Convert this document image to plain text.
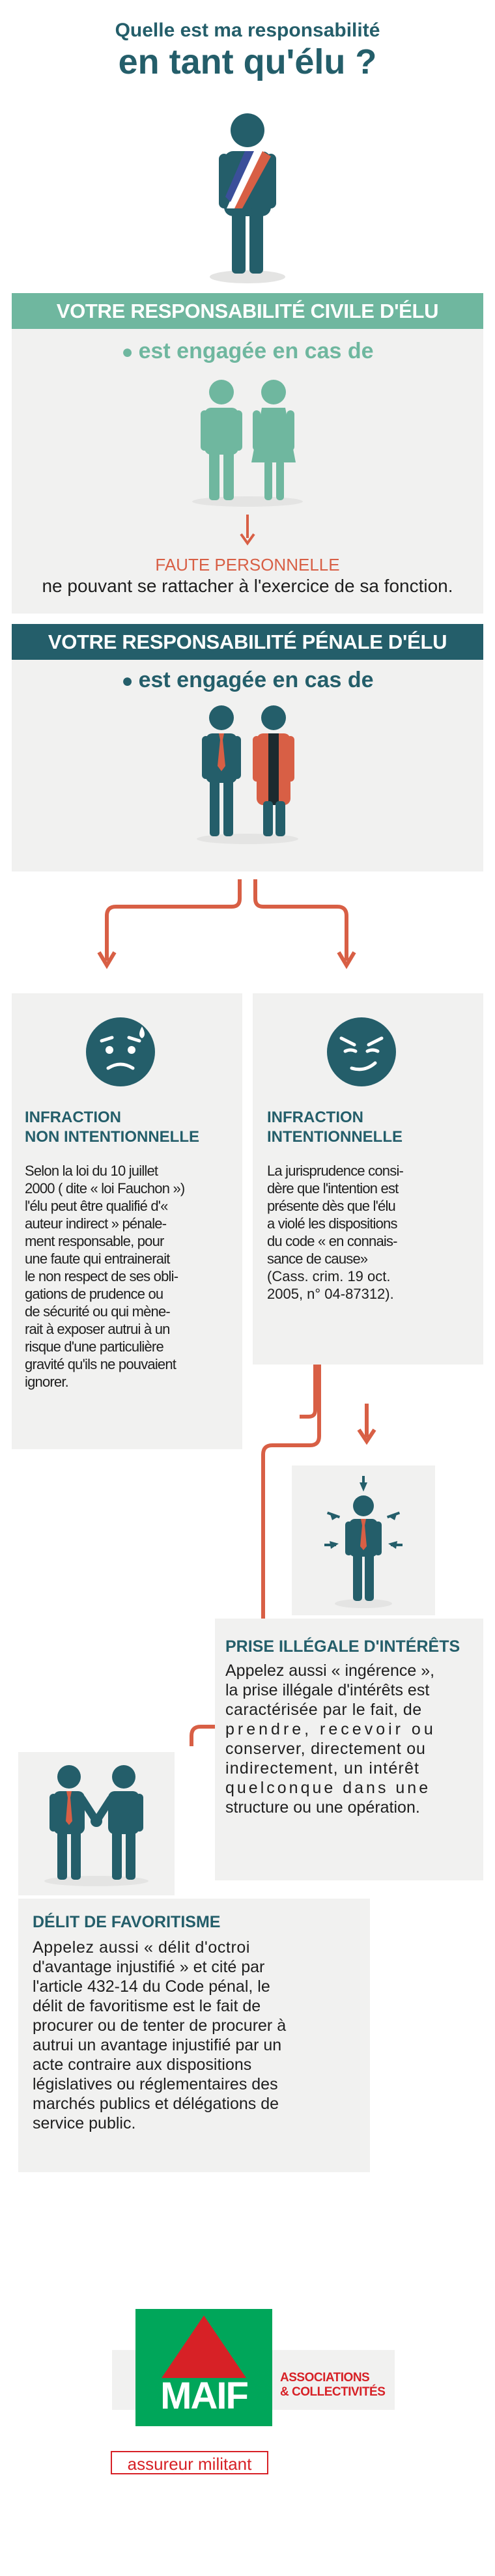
Quelle est ma responsabilité
en tant qu'élu ?
VOTRE RESPONSABILITÉ CIVILE D'ÉLU
● est engagée en cas de
FAUTE PERSONNELLE
ne pouvant se rattacher à l'exercice de sa fonction.
VOTRE RESPONSABILITÉ PÉNALE D'ÉLU
● est engagée en cas de
INFRACTION
NON INTENTIONNELLE
Selon la loi du 10 juillet
2000 ( dite « loi Fauchon »)
l'élu peut être qualifié d'«
auteur indirect » pénale-
ment responsable, pour
une faute qui entrainerait
le non respect de ses obli-
gations de prudence ou
de sécurité ou qui mène-
rait à exposer autrui à un
risque d'une particulière
gravité qu'ils ne pouvaient
ignorer.
INFRACTION
INTENTIONNELLE
La jurisprudence consi-
dère que l'intention est
présente dès que l'élu
a violé les dispositions
du code « en connais-
sance de cause»
(Cass. crim. 19 oct.
2005, n° 04-87312).
PRISE ILLÉGALE D'INTÉRÊTS
Appelez aussi « ingérence »,
la prise illégale d'intérêts est
caractérisée par le fait, de
prendre, recevoir ou
conserver, directement ou
indirectement, un intérêt
quelconque dans une
structure ou une opération.
DÉLIT DE FAVORITISME
Appelez aussi « délit d'octroi
d'avantage injustifié » et cité par
l'article 432-14 du Code pénal, le
délit de favoritisme est le fait de
procurer ou de tenter de procurer à
autrui un avantage injustifié par un
acte contraire aux dispositions
législatives ou réglementaires des
marchés publics et délégations de
service public.
MAIF	ASSOCIATIONS
& COLLECTIVITÉS
assureur militant
